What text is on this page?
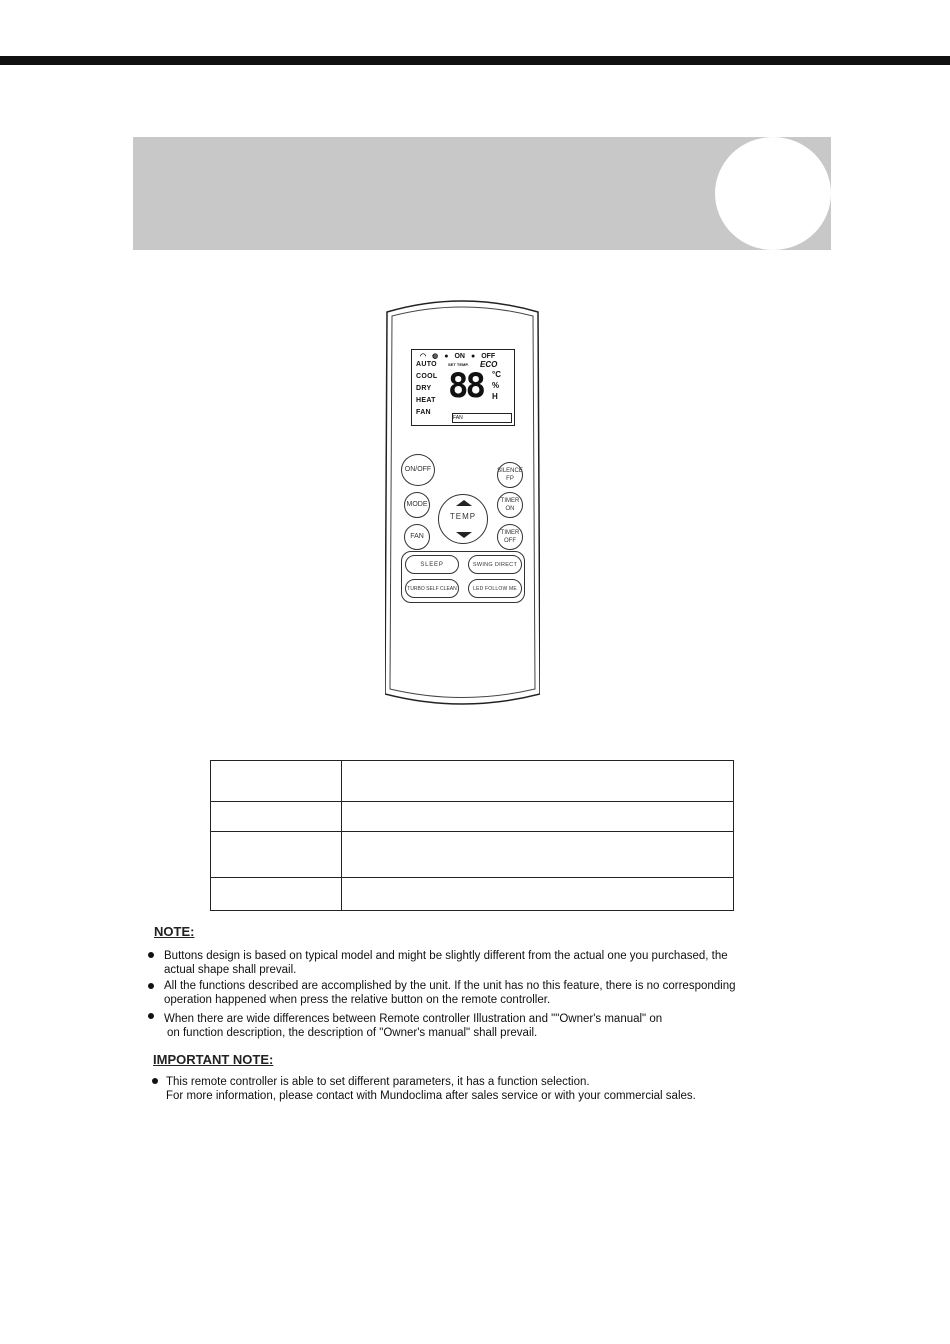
◠ ◍ ● ON ● OFF
AUTO	SET TEMP. ECO
COOL
DRY
HEAT
FAN
88 °C
%
H
FAN
ON/OFF	SILENCE
FP
MODE	TIMER
ON
TEMP
FAN	TIMER
OFF
SLEEP	SWING DIRECT
TURBO SELF CLEAN	LED FOLLOW ME

NOTE:
Buttons design is based on typical model and might be slightly different from the actual one you purchased, the
actual shape shall prevail.
All the functions described are accomplished by the unit. If the unit has no this feature, there is no corresponding
operation happened when press the relative button on the remote controller.
When there are wide differences between Remote controller Illustration and ""Owner's manual" on
on function description, the description of "Owner's manual" shall prevail.
IMPORTANT NOTE:
This remote controller is able to set different parameters, it has a function selection.
For more information, please contact with Mundoclima after sales service or with your commercial sales.
